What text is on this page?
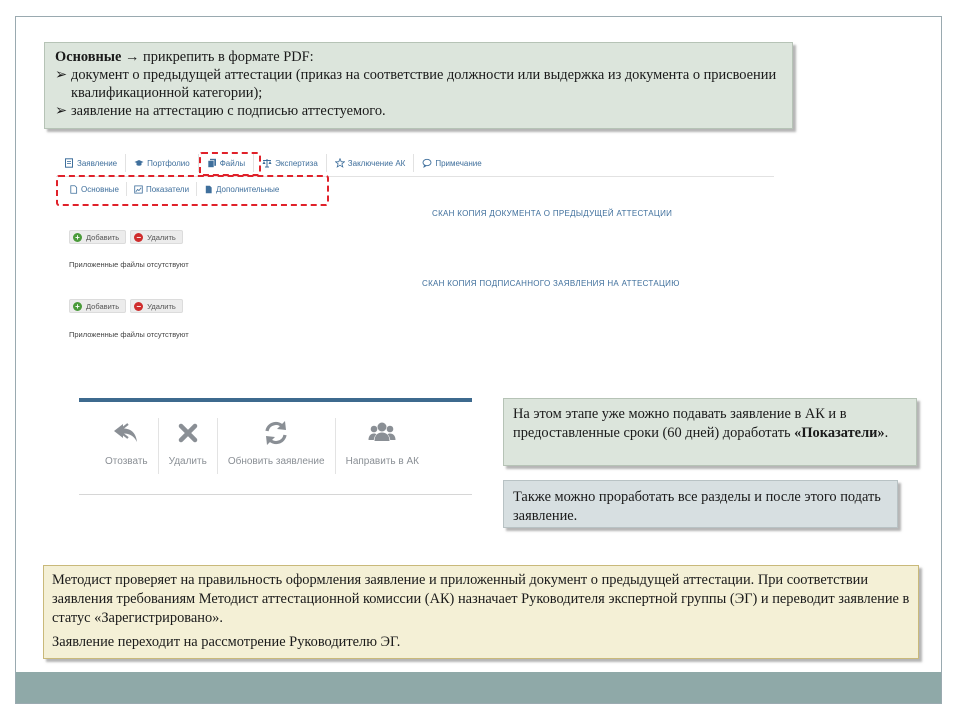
Основные → прикрепить в формате PDF:
➢ документ о предыдущей аттестации (приказ на соответствие должности или выдержка из документа о присвоении квалификационной категории);
➢ заявление на аттестацию с подписью аттестуемого.
Заявление	Портфолио	Файлы	Экспертиза	Заключение АК	Примечание
Основные	Показатели	Дополнительные
СКАН КОПИЯ ДОКУМЕНТА О ПРЕДЫДУЩЕЙ АТТЕСТАЦИИ
+ Добавить − Удалить
Приложенные файлы отсутствуют
СКАН КОПИЯ ПОДПИСАННОГО ЗАЯВЛЕНИЯ НА АТТЕСТАЦИЮ
+ Добавить − Удалить
Приложенные файлы отсутствуют
Отозвать Удалить Обновить заявление Направить в АК
На этом этапе уже можно подавать заявление в АК и в предоставленные сроки (60 дней) доработать «Показатели».
Также можно проработать все разделы и после этого подать заявление.

Методист проверяет на правильность оформления заявление и приложенный документ о предыдущей аттестации. При соответствии заявления требованиям Методист аттестационной комиссии (АК) назначает Руководителя экспертной группы (ЭГ) и переводит заявление в статус «Зарегистрировано».

Заявление переходит на рассмотрение Руководителю ЭГ.
